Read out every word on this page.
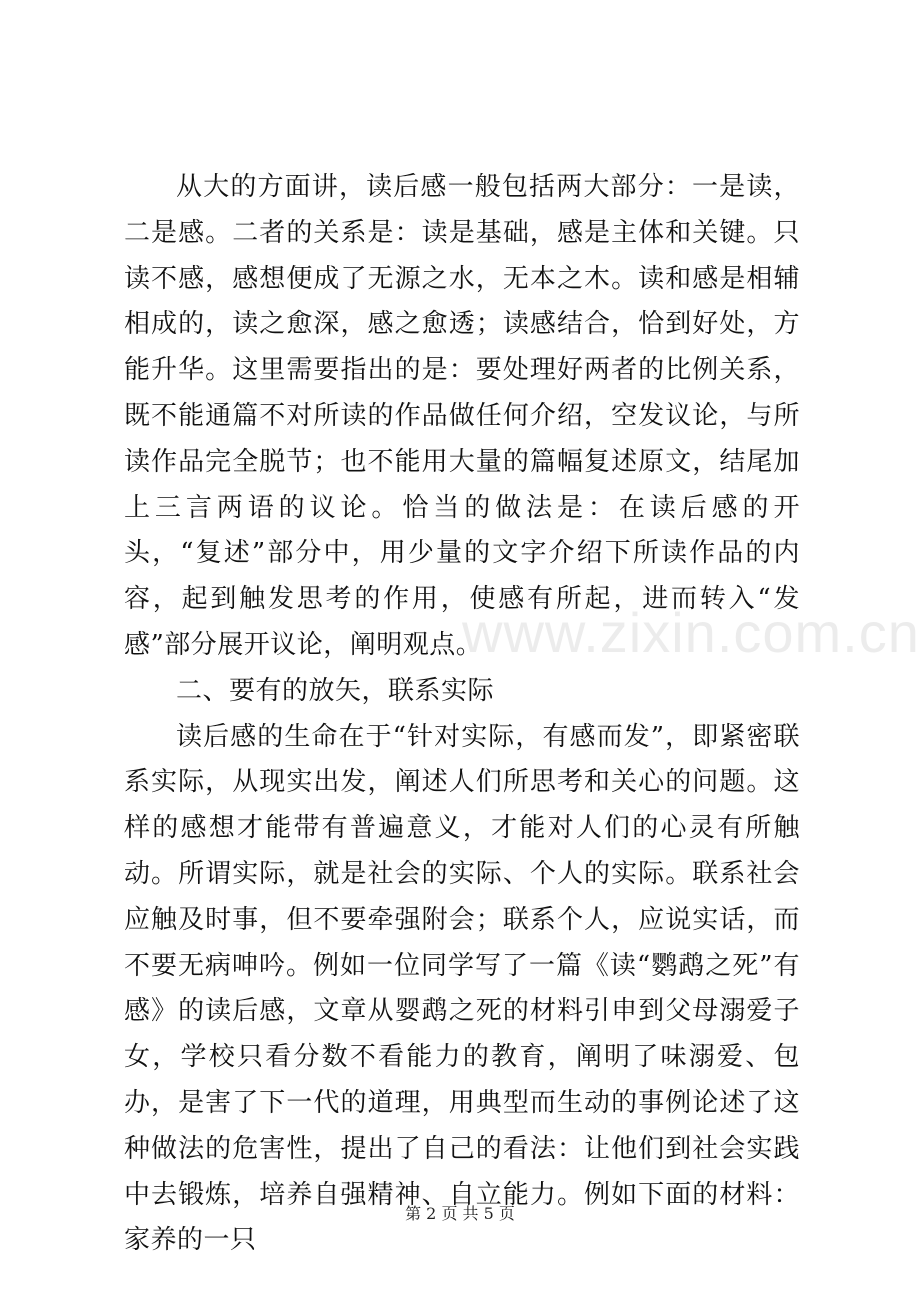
从大的方面讲，读后感一般包括两大部分：一是读，二是感。二者的关系是：读是基础，感是主体和关键。只读不感，感想便成了无源之水，无本之木。读和感是相辅相成的，读之愈深，感之愈透；读感结合，恰到好处，方能升华。这里需要指出的是：要处理好两者的比例关系，既不能通篇不对所读的作品做任何介绍，空发议论，与所读作品完全脱节；也不能用大量的篇幅复述原文，结尾加上三言两语的议论。恰当的做法是：在读后感的开头，“复述”部分中，用少量的文字介绍下所读作品的内容，起到触发思考的作用，使感有所起，进而转入“发感”部分展开议论，阐明观点。

二、要有的放矢，联系实际

读后感的生命在于“针对实际，有感而发”，即紧密联系实际，从现实出发，阐述人们所思考和关心的问题。这样的感想才能带有普遍意义，才能对人们的心灵有所触动。所谓实际，就是社会的实际、个人的实际。联系社会应触及时事，但不要牵强附会；联系个人，应说实话，而不要无病呻吟。例如一位同学写了一篇《读“鹦鹉之死”有感》的读后感，文章从婴鹉之死的材料引申到父母溺爱子女，学校只看分数不看能力的教育，阐明了味溺爱、包办，是害了下一代的道理，用典型而生动的事例论述了这种做法的危害性，提出了自己的看法：让他们到社会实践中去锻炼，培养自强精神、自立能力。例如下面的材料：家养的一只

www.zixin.com.cn
第 2 页 共 5 页
